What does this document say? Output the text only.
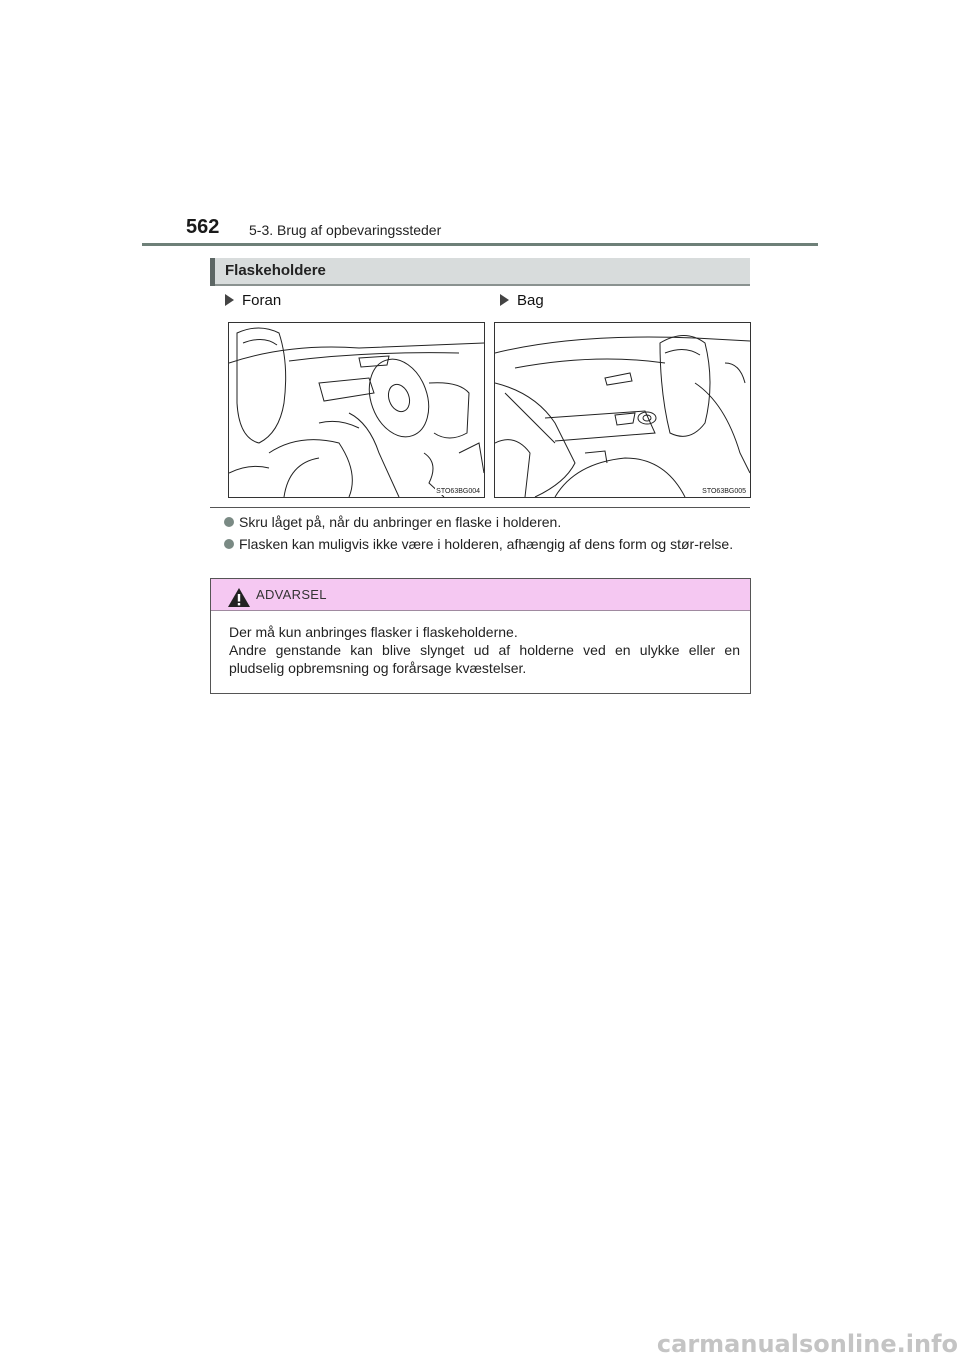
562 5-3. Brug af opbevaringssteder
Flaskeholdere
Foran	Bag
STO63BG004	STO63BG005
Skru låget på, når du anbringer en flaske i holderen.
Flasken kan muligvis ikke være i holderen, afhængig af dens form og stør-relse.
ADVARSEL
Der må kun anbringes flasker i flaskeholderne.
Andre genstande kan blive slynget ud af holderne ved en ulykke eller en
pludselig opbremsning og forårsage kvæstelser.
carmanualsonline.info
